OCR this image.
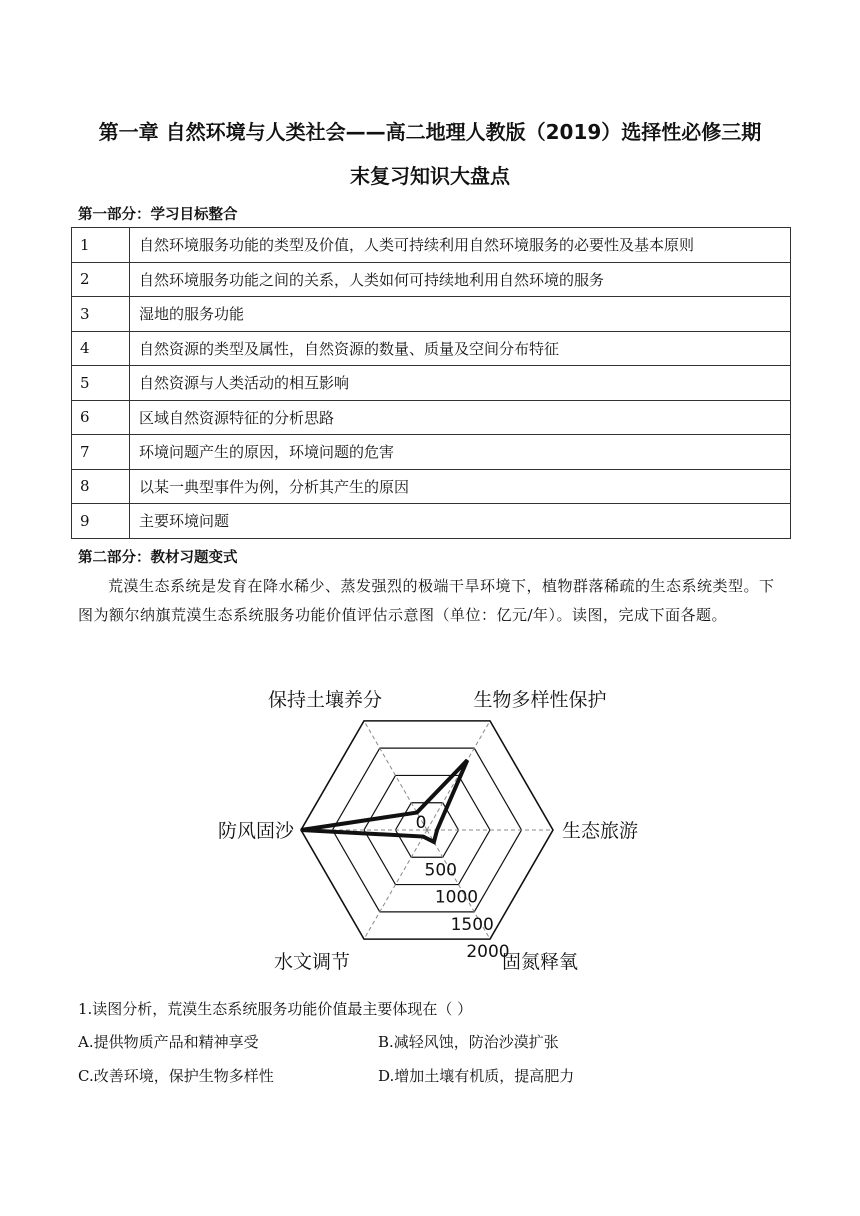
第一章 自然环境与人类社会——高二地理人教版（2019）选择性必修三期
末复习知识大盘点
第一部分：学习目标整合
1	自然环境服务功能的类型及价值，人类可持续利用自然环境服务的必要性及基本原则
2	自然环境服务功能之间的关系，人类如何可持续地利用自然环境的服务
3	湿地的服务功能
4	自然资源的类型及属性，自然资源的数量、质量及空间分布特征
5	自然资源与人类活动的相互影响
6	区域自然资源特征的分析思路
7	环境问题产生的原因，环境问题的危害
8	以某一典型事件为例，分析其产生的原因
9	主要环境问题
第二部分：教材习题变式
荒漠生态系统是发育在降水稀少、蒸发强烈的极端干旱环境下，植物群落稀疏的生态系统类型。下图为额尔纳旗荒漠生态系统服务功能价值评估示意图（单位：亿元/年）。读图，完成下面各题。
0
500
1000
1500
2000
保持土壤养分	生物多样性保护
生态旅游
固氮释氧
水文调节
防风固沙
1.读图分析，荒漠生态系统服务功能价值最主要体现在（ ）
A.提供物质产品和精神享受	B.减轻风蚀，防治沙漠扩张
C.改善环境，保护生物多样性	D.增加土壤有机质，提高肥力
